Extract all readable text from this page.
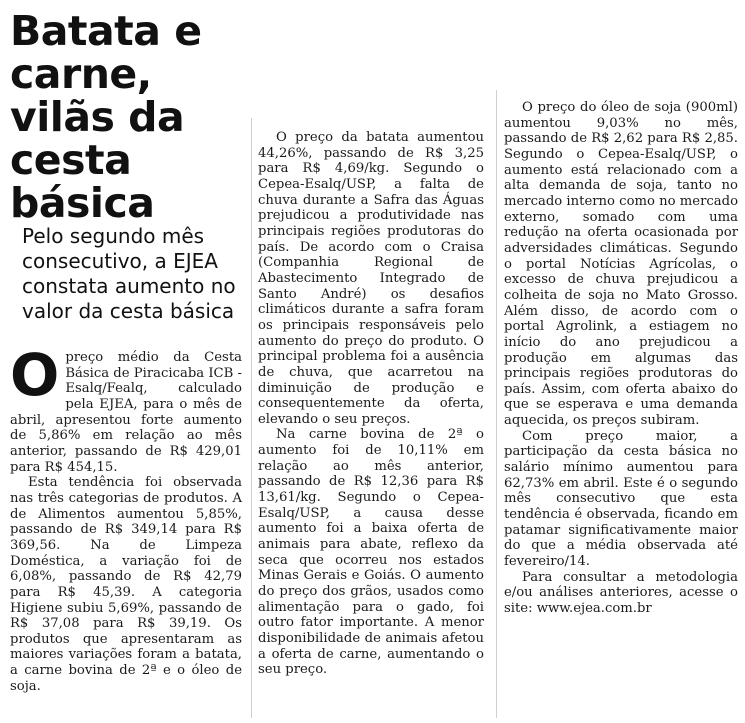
Batata e carne, vilãs da cesta básica
Pelo segundo mês consecutivo, a EJEA constata aumento no valor da cesta básica

Opreço médio da Cesta Básica de Piracicaba ICB - Esalq/Fealq, calculado pela EJEA, para o mês de abril, apresentou forte aumento de 5,86% em relação ao mês anterior, passando de R$ 429,01 para R$ 454,15.

Esta tendência foi observada nas três categorias de produtos. A de Alimentos aumentou 5,85%, passando de R$ 349,14 para R$ 369,56. Na de Limpeza Doméstica, a variação foi de 6,08%, passando de R$ 42,79 para R$ 45,39. A categoria Higiene subiu 5,69%, passando de R$ 37,08 para R$ 39,19. Os produtos que apresentaram as maiores variações foram a batata, a carne bovina de 2ª e o óleo de soja.

O preço da batata aumentou 44,26%, passando de R$ 3,25 para R$ 4,69/kg. Segundo o Cepea-Esalq/USP, a falta de chuva durante a Safra das Águas prejudicou a produtividade nas principais regiões produtoras do país. De acordo com o Craisa (Companhia Regional de Abastecimento Integrado de Santo André) os desafios climáticos durante a safra foram os principais responsáveis pelo aumento do preço do produto. O principal problema foi a ausência de chuva, que acarretou na diminuição de produção e consequentemente da oferta, elevando o seu preços.

Na carne bovina de 2ª o aumento foi de 10,11% em relação ao mês anterior, passando de R$ 12,36 para R$ 13,61/kg. Segundo o Cepea-Esalq/USP, a causa desse aumento foi a baixa oferta de animais para abate, reflexo da seca que ocorreu nos estados Minas Gerais e Goiás. O aumento do preço dos grãos, usados como alimentação para o gado, foi outro fator importante. A menor disponibilidade de animais afetou a oferta de carne, aumentando o seu preço.

O preço do óleo de soja (900ml) aumentou 9,03% no mês, passando de R$ 2,62 para R$ 2,85. Segundo o Cepea-Esalq/USP, o aumento está relacionado com a alta demanda de soja, tanto no mercado interno como no mercado externo, somado com uma redução na oferta ocasionada por adversidades climáticas. Segundo o portal Notícias Agrícolas, o excesso de chuva prejudicou a colheita de soja no Mato Grosso. Além disso, de acordo com o portal Agrolink, a estiagem no início do ano prejudicou a produção em algumas das principais regiões produtoras do país. Assim, com oferta abaixo do que se esperava e uma demanda aquecida, os preços subiram.

Com preço maior, a participação da cesta básica no salário mínimo aumentou para 62,73% em abril. Este é o segundo mês consecutivo que esta tendência é observada, ficando em patamar significativamente maior do que a média observada até fevereiro/14.

Para consultar a metodologia e/ou análises anteriores, acesse o site: www.ejea.com.br
